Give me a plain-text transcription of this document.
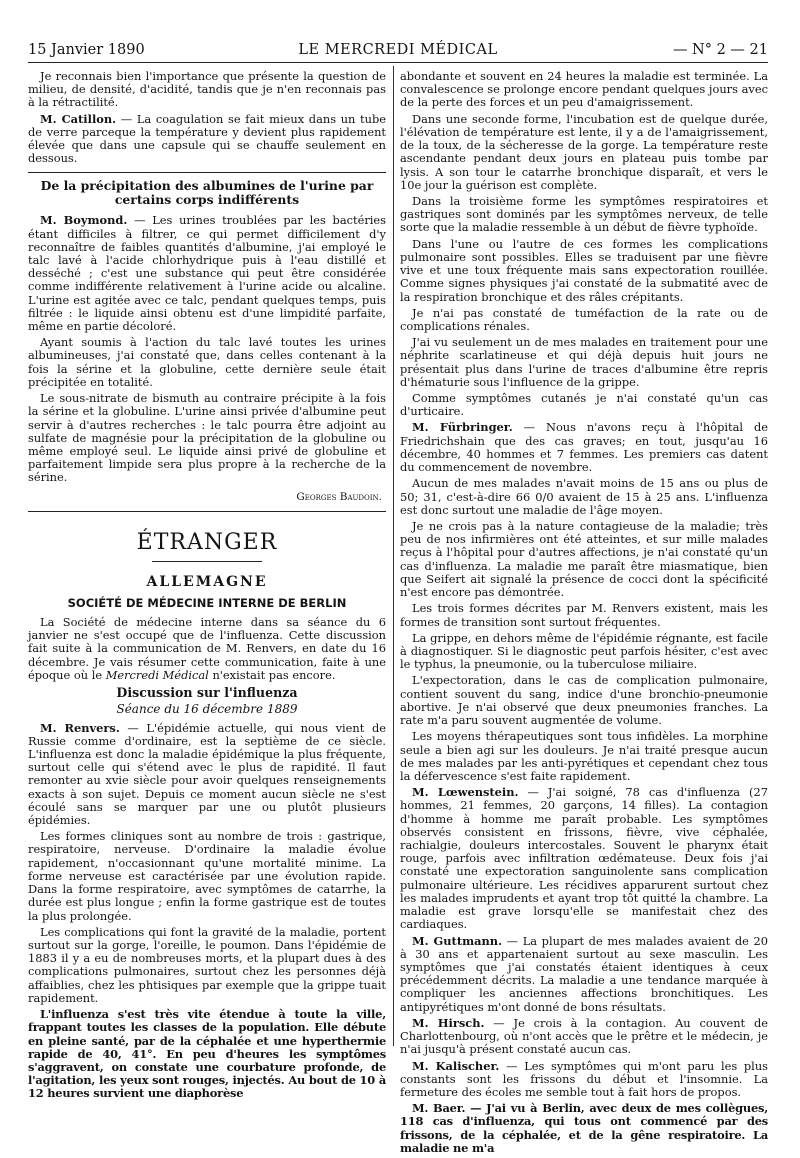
15 Janvier 1890	LE MERCREDI MÉDICAL	— N° 2 — 21

Je reconnais bien l'importance que présente la question de milieu, de densité, d'acidité, tandis que je n'en reconnais pas à la rétractilité.

M. Catillon. — La coagulation se fait mieux dans un tube de verre parceque la température y devient plus rapidement élevée que dans une capsule qui se chauffe seulement en dessous.

De la précipitation des albumines de l'urine par certains corps indifférents

M. Boymond. — Les urines troublées par les bactéries étant difficiles à filtrer, ce qui permet difficilement d'y reconnaître de faibles quantités d'albumine, j'ai employé le talc lavé à l'acide chlorhydrique puis à l'eau distillé et desséché ; c'est une substance qui peut être considérée comme indifférente relativement à l'urine acide ou alcaline. L'urine est agitée avec ce talc, pendant quelques temps, puis filtrée : le liquide ainsi obtenu est d'une limpidité parfaite, même en partie décoloré.

Ayant soumis à l'action du talc lavé toutes les urines albumineuses, j'ai constaté que, dans celles contenant à la fois la sérine et la globuline, cette dernière seule était précipitée en totalité.

Le sous-nitrate de bismuth au contraire précipite à la fois la sérine et la globuline. L'urine ainsi privée d'albumine peut servir à d'autres recherches : le talc pourra être adjoint au sulfate de magnésie pour la précipitation de la globuline ou même employé seul. Le liquide ainsi privé de globuline et parfaitement limpide sera plus propre à la recherche de la sérine.

Georges Baudoin.
ÉTRANGER
ALLEMAGNE
SOCIÉTÉ DE MÉDECINE INTERNE DE BERLIN

La Société de médecine interne dans sa séance du 6 janvier ne s'est occupé que de l'influenza. Cette discussion fait suite à la communication de M. Renvers, en date du 16 décembre. Je vais résumer cette communication, faite à une époque où le Mercredi Médical n'existait pas encore.

Discussion sur l'influenza
Séance du 16 décembre 1889

M. Renvers. — L'épidémie actuelle, qui nous vient de Russie comme d'ordinaire, est la septième de ce siècle. L'influenza est donc la maladie épidémique la plus fréquente, surtout celle qui s'étend avec le plus de rapidité. Il faut remonter au xvie siècle pour avoir quelques renseignements exacts à son sujet. Depuis ce moment aucun siècle ne s'est écoulé sans se marquer par une ou plutôt plusieurs épidémies.

Les formes cliniques sont au nombre de trois : gastrique, respiratoire, nerveuse. D'ordinaire la maladie évolue rapidement, n'occasionnant qu'une mortalité minime. La forme nerveuse est caractérisée par une évolution rapide. Dans la forme respiratoire, avec symptômes de catarrhe, la durée est plus longue ; enfin la forme gastrique est de toutes la plus prolongée.

Les complications qui font la gravité de la maladie, portent surtout sur la gorge, l'oreille, le poumon. Dans l'épidémie de 1883 il y a eu de nombreuses morts, et la plupart dues à des complications pulmonaires, surtout chez les personnes déjà affaiblies, chez les phtisiques par exemple que la grippe tuait rapidement.

L'influenza s'est très vite étendue à toute la ville, frappant toutes les classes de la population. Elle débute en pleine santé, par de la céphalée et une hyperthermie rapide de 40, 41°. En peu d'heures les symptômes s'aggravent, on constate une courbature profonde, de l'agitation, les yeux sont rouges, injectés. Au bout de 10 à 12 heures survient une diaphorèse

abondante et souvent en 24 heures la maladie est terminée. La convalescence se prolonge encore pendant quelques jours avec de la perte des forces et un peu d'amaigrissement.

Dans une seconde forme, l'incubation est de quelque durée, l'élévation de température est lente, il y a de l'amaigrissement, de la toux, de la sécheresse de la gorge. La température reste ascendante pendant deux jours en plateau puis tombe par lysis. A son tour le catarrhe bronchique disparaît, et vers le 10e jour la guérison est complète.

Dans la troisième forme les symptômes respiratoires et gastriques sont dominés par les symptômes nerveux, de telle sorte que la maladie ressemble à un début de fièvre typhoïde.

Dans l'une ou l'autre de ces formes les complications pulmonaire sont possibles. Elles se traduisent par une fièvre vive et une toux fréquente mais sans expectoration rouillée. Comme signes physiques j'ai constaté de la submatité avec de la respiration bronchique et des râles crépitants.

Je n'ai pas constaté de tuméfaction de la rate ou de complications rénales.

J'ai vu seulement un de mes malades en traitement pour une néphrite scarlatineuse et qui déjà depuis huit jours ne présentait plus dans l'urine de traces d'albumine être repris d'hématurie sous l'influence de la grippe.

Comme symptômes cutanés je n'ai constaté qu'un cas d'urticaire.

M. Fürbringer. — Nous n'avons reçu à l'hôpital de Friedrichshain que des cas graves; en tout, jusqu'au 16 décembre, 40 hommes et 7 femmes. Les premiers cas datent du commencement de novembre.

Aucun de mes malades n'avait moins de 15 ans ou plus de 50; 31, c'est-à-dire 66 0/0 avaient de 15 à 25 ans. L'influenza est donc surtout une maladie de l'âge moyen.

Je ne crois pas à la nature contagieuse de la maladie; très peu de nos infirmières ont été atteintes, et sur mille malades reçus à l'hôpital pour d'autres affections, je n'ai constaté qu'un cas d'influenza. La maladie me paraît être miasmatique, bien que Seifert ait signalé la présence de cocci dont la spécificité n'est encore pas démontrée.

Les trois formes décrites par M. Renvers existent, mais les formes de transition sont surtout fréquentes.

La grippe, en dehors même de l'épidémie régnante, est facile à diagnostiquer. Si le diagnostic peut parfois hésiter, c'est avec le typhus, la pneumonie, ou la tuberculose miliaire.

L'expectoration, dans le cas de complication pulmonaire, contient souvent du sang, indice d'une bronchio-pneumonie abortive. Je n'ai observé que deux pneumonies franches. La rate m'a paru souvent augmentée de volume.

Les moyens thérapeutiques sont tous infidèles. La morphine seule a bien agi sur les douleurs. Je n'ai traité presque aucun de mes malades par les anti-pyrétiques et cependant chez tous la défervescence s'est faite rapidement.

M. Lœwenstein. — J'ai soigné, 78 cas d'influenza (27 hommes, 21 femmes, 20 garçons, 14 filles). La contagion d'homme à homme me paraît probable. Les symptômes observés consistent en frissons, fièvre, vive céphalée, rachialgie, douleurs intercostales. Souvent le pharynx était rouge, parfois avec infiltration œdémateuse. Deux fois j'ai constaté une expectoration sanguinolente sans complication pulmonaire ultérieure. Les récidives apparurent surtout chez les malades imprudents et ayant trop tôt quitté la chambre. La maladie est grave lorsqu'elle se manifestait chez des cardiaques.

M. Guttmann. — La plupart de mes malades avaient de 20 à 30 ans et appartenaient surtout au sexe masculin. Les symptômes que j'ai constatés étaient identiques à ceux précédemment décrits. La maladie a une tendance marquée à compliquer les anciennes affections bronchitiques. Les antipyrétiques m'ont donné de bons résultats.

M. Hirsch. — Je crois à la contagion. Au couvent de Charlottenbourg, où n'ont accès que le prêtre et le médecin, je n'ai jusqu'à présent constaté aucun cas.

M. Kalischer. — Les symptômes qui m'ont paru les plus constants sont les frissons du début et l'insomnie. La fermeture des écoles me semble tout à fait hors de propos.

M. Baer. — J'ai vu à Berlin, avec deux de mes collègues, 118 cas d'influenza, qui tous ont commencé par des frissons, de la céphalée, et de la gêne respiratoire. La maladie ne m'a
